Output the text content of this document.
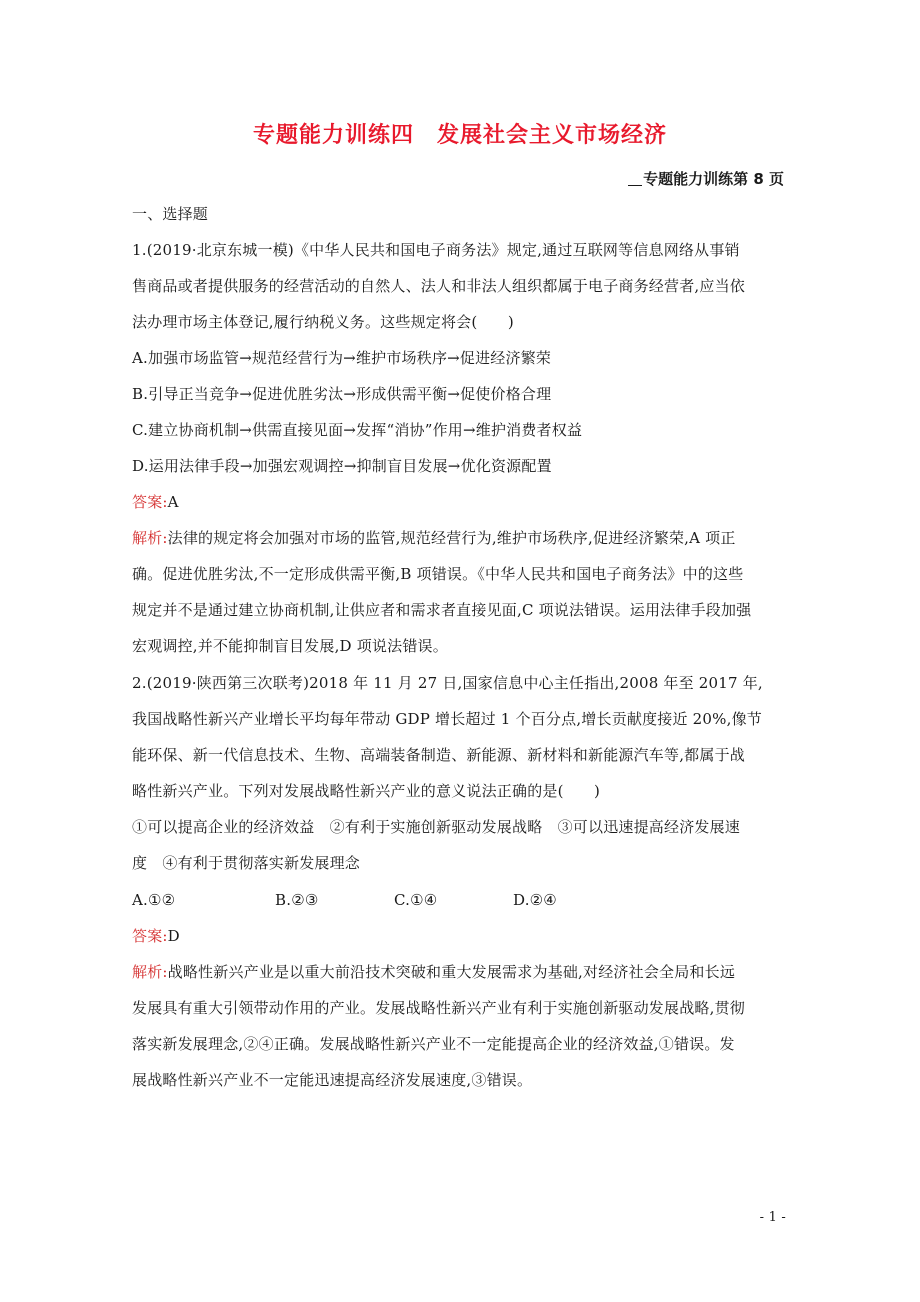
专题能力训练四　发展社会主义市场经济
专题能力训练第 8 页
一、选择题
1.(2019·北京东城一模)《中华人民共和国电子商务法》规定,通过互联网等信息网络从事销
售商品或者提供服务的经营活动的自然人、法人和非法人组织都属于电子商务经营者,应当依
法办理市场主体登记,履行纳税义务。这些规定将会(　　)
A.加强市场监管→规范经营行为→维护市场秩序→促进经济繁荣
B.引导正当竞争→促进优胜劣汰→形成供需平衡→促使价格合理
C.建立协商机制→供需直接见面→发挥“消协”作用→维护消费者权益
D.运用法律手段→加强宏观调控→抑制盲目发展→优化资源配置
答案:A
解析:法律的规定将会加强对市场的监管,规范经营行为,维护市场秩序,促进经济繁荣,A 项正
确。促进优胜劣汰,不一定形成供需平衡,B 项错误。《中华人民共和国电子商务法》中的这些
规定并不是通过建立协商机制,让供应者和需求者直接见面,C 项说法错误。运用法律手段加强
宏观调控,并不能抑制盲目发展,D 项说法错误。
2.(2019·陕西第三次联考)2018 年 11 月 27 日,国家信息中心主任指出,2008 年至 2017 年,
我国战略性新兴产业增长平均每年带动 GDP 增长超过 1 个百分点,增长贡献度接近 20%,像节
能环保、新一代信息技术、生物、高端装备制造、新能源、新材料和新能源汽车等,都属于战
略性新兴产业。下列对发展战略性新兴产业的意义说法正确的是(　　)
①可以提高企业的经济效益　②有利于实施创新驱动发展战略　③可以迅速提高经济发展速
度　④有利于贯彻落实新发展理念
A.①②	B.②③	C.①④	D.②④
答案:D
解析:战略性新兴产业是以重大前沿技术突破和重大发展需求为基础,对经济社会全局和长远
发展具有重大引领带动作用的产业。发展战略性新兴产业有利于实施创新驱动发展战略,贯彻
落实新发展理念,②④正确。发展战略性新兴产业不一定能提高企业的经济效益,①错误。发
展战略性新兴产业不一定能迅速提高经济发展速度,③错误。
- 1 -
